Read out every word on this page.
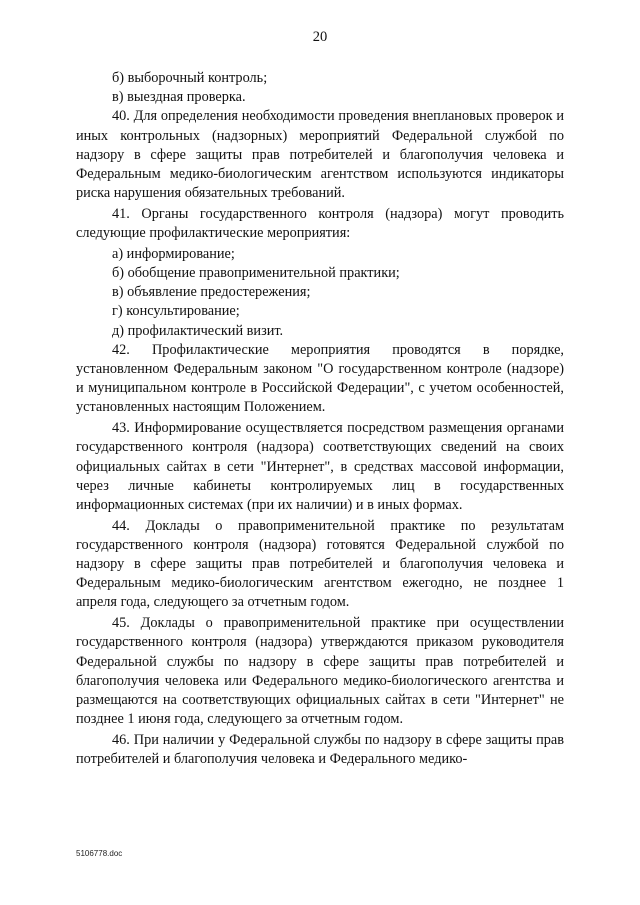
20

б) выборочный контроль;

в) выездная проверка.

40. Для определения необходимости проведения внеплановых проверок и иных контрольных (надзорных) мероприятий Федеральной службой по надзору в сфере защиты прав потребителей и благополучия человека и Федеральным медико-биологическим агентством используются индикаторы риска нарушения обязательных требований.

41. Органы государственного контроля (надзора) могут проводить следующие профилактические мероприятия:

а) информирование;

б) обобщение правоприменительной практики;

в) объявление предостережения;

г) консультирование;

д) профилактический визит.

42. Профилактические мероприятия проводятся в порядке, установленном Федеральным законом "О государственном контроле (надзоре) и муниципальном контроле в Российской Федерации", с учетом особенностей, установленных настоящим Положением.

43. Информирование осуществляется посредством размещения органами государственного контроля (надзора) соответствующих сведений на своих официальных сайтах в сети "Интернет", в средствах массовой информации, через личные кабинеты контролируемых лиц в государственных информационных системах (при их наличии) и в иных формах.

44. Доклады о правоприменительной практике по результатам государственного контроля (надзора) готовятся Федеральной службой по надзору в сфере защиты прав потребителей и благополучия человека и Федеральным медико-биологическим агентством ежегодно, не позднее 1 апреля года, следующего за отчетным годом.

45. Доклады о правоприменительной практике при осуществлении государственного контроля (надзора) утверждаются приказом руководителя Федеральной службы по надзору в сфере защиты прав потребителей и благополучия человека или Федерального медико-биологического агентства и размещаются на соответствующих официальных сайтах в сети "Интернет" не позднее 1 июня года, следующего за отчетным годом.

46. При наличии у Федеральной службы по надзору в сфере защиты прав потребителей и благополучия человека и Федерального медико-

5106778.doc
